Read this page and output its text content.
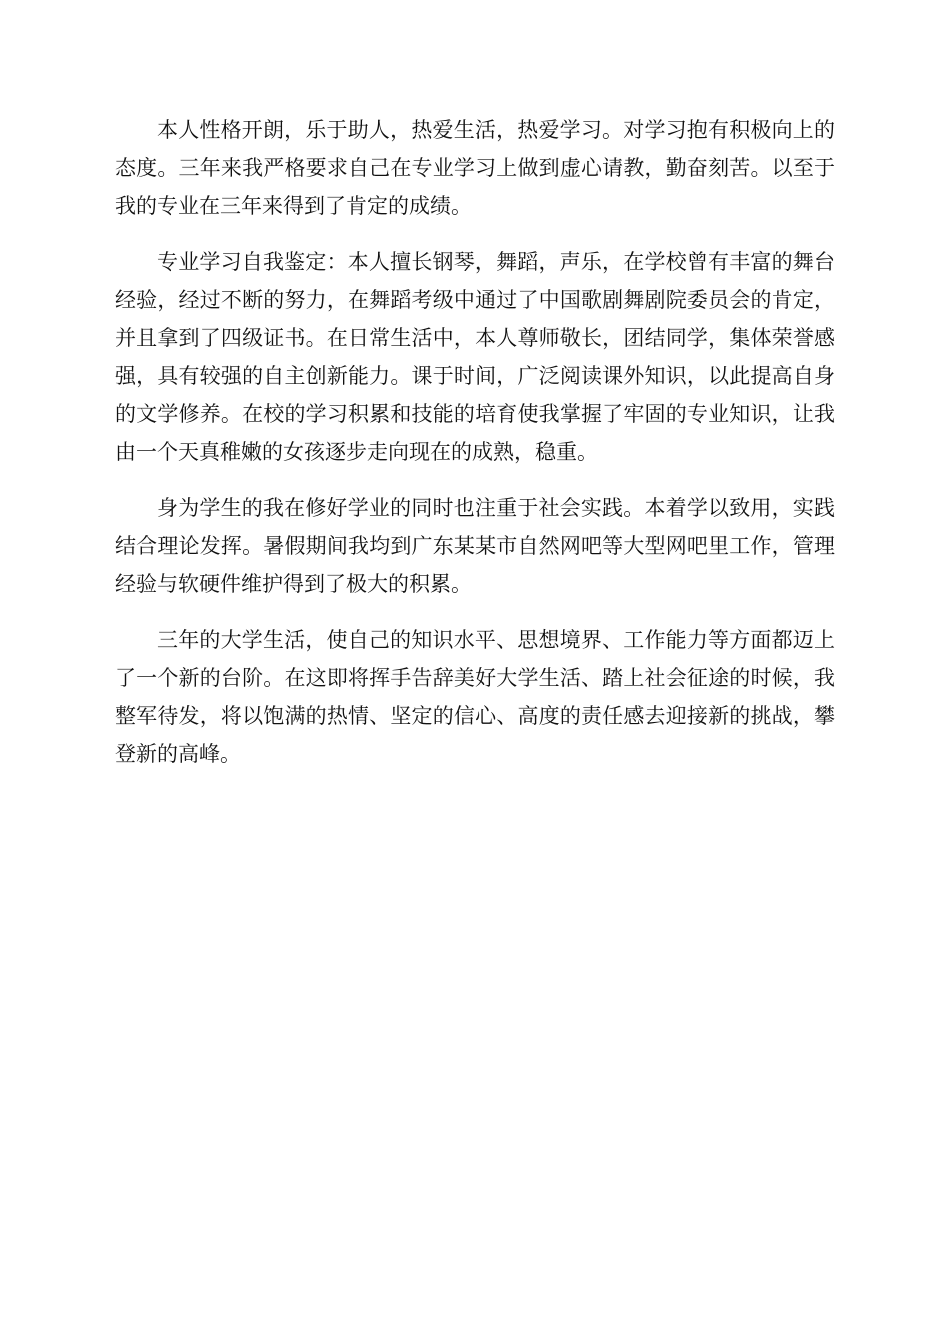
本人性格开朗，乐于助人，热爱生活，热爱学习。对学习抱有积极向上的态度。三年来我严格要求自己在专业学习上做到虚心请教，勤奋刻苦。以至于我的专业在三年来得到了肯定的成绩。

专业学习自我鉴定：本人擅长钢琴，舞蹈，声乐，在学校曾有丰富的舞台经验，经过不断的努力，在舞蹈考级中通过了中国歌剧舞剧院委员会的肯定，并且拿到了四级证书。在日常生活中，本人尊师敬长，团结同学，集体荣誉感强，具有较强的自主创新能力。课于时间，广泛阅读课外知识，以此提高自身的文学修养。在校的学习积累和技能的培育使我掌握了牢固的专业知识，让我由一个天真稚嫩的女孩逐步走向现在的成熟，稳重。

身为学生的我在修好学业的同时也注重于社会实践。本着学以致用，实践结合理论发挥。暑假期间我均到广东某某市自然网吧等大型网吧里工作，管理经验与软硬件维护得到了极大的积累。

三年的大学生活，使自己的知识水平、思想境界、工作能力等方面都迈上了一个新的台阶。在这即将挥手告辞美好大学生活、踏上社会征途的时候，我整军待发，将以饱满的热情、坚定的信心、高度的责任感去迎接新的挑战，攀登新的高峰。
